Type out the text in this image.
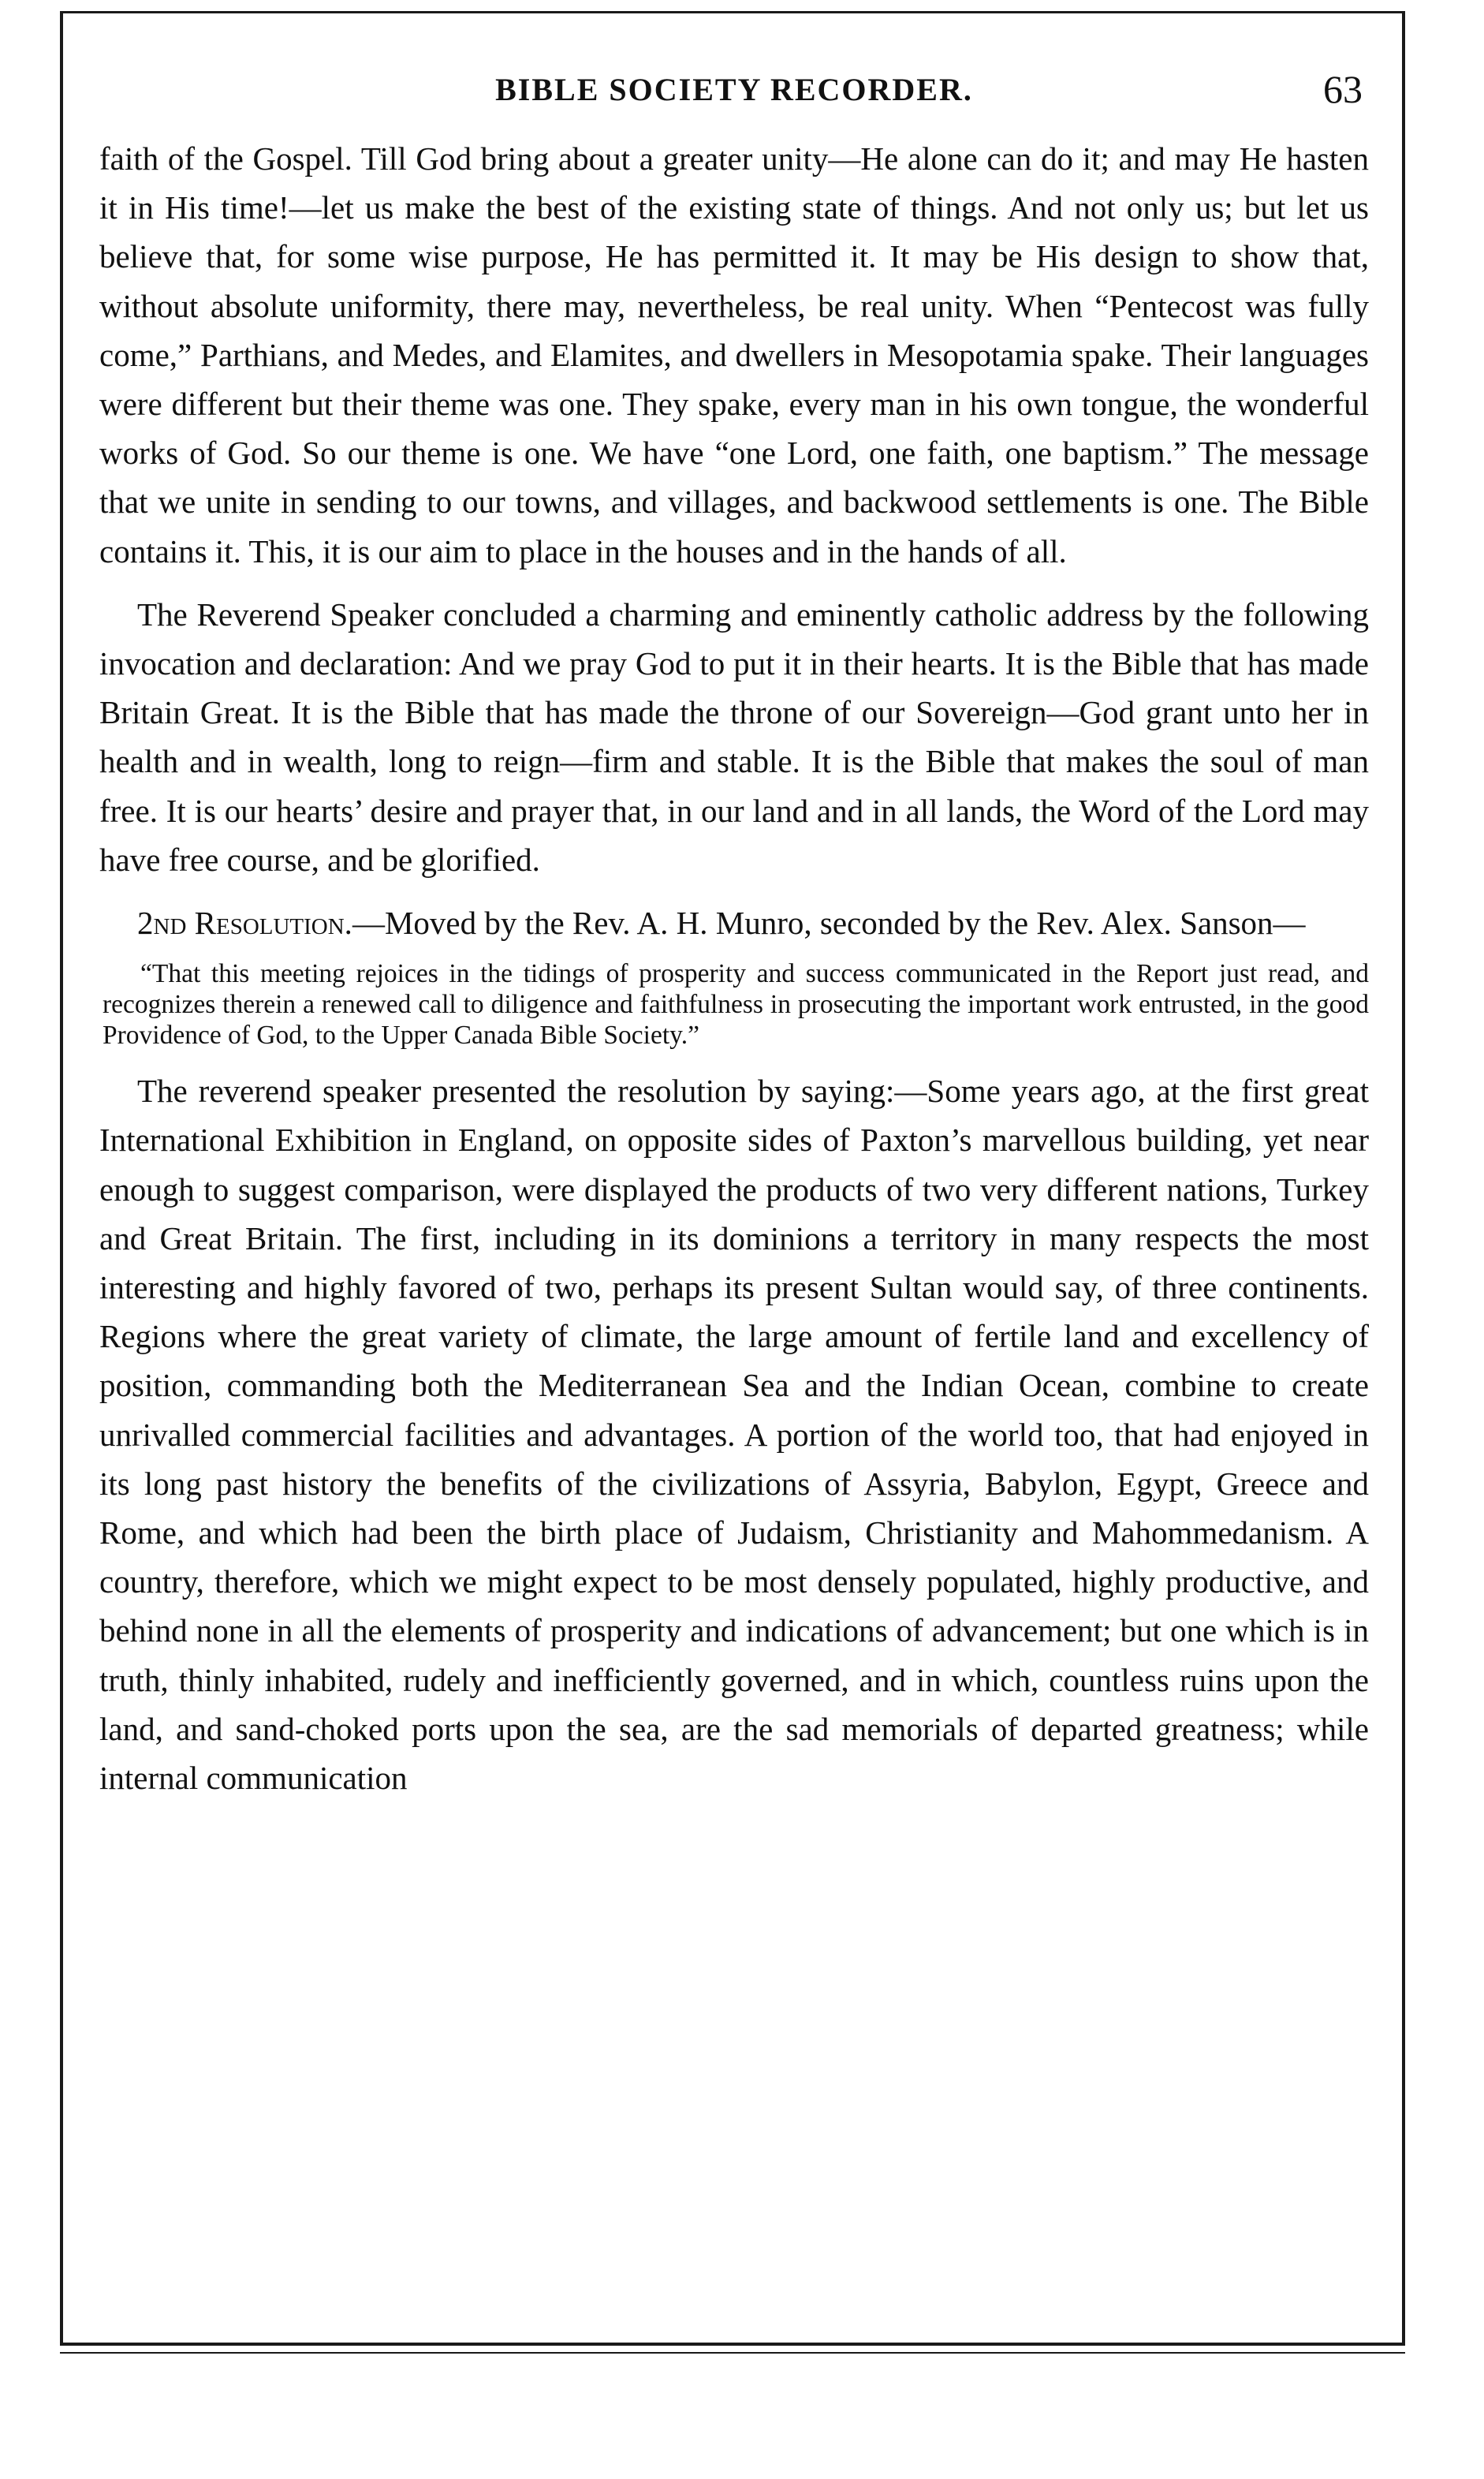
BIBLE SOCIETY RECORDER.	63

faith of the Gospel. Till God bring about a greater unity—He alone can do it; and may He hasten it in His time!—let us make the best of the existing state of things. And not only us; but let us believe that, for some wise purpose, He has permitted it. It may be His design to show that, without absolute uniformity, there may, nevertheless, be real unity. When “Pentecost was fully come,” Parthians, and Medes, and Elamites, and dwellers in Mesopotamia spake. Their languages were different but their theme was one. They spake, every man in his own tongue, the wonderful works of God. So our theme is one. We have “one Lord, one faith, one baptism.” The message that we unite in sending to our towns, and villages, and backwood settlements is one. The Bible contains it. This, it is our aim to place in the houses and in the hands of all.

The Reverend Speaker concluded a charming and eminently catholic address by the following invocation and declaration: And we pray God to put it in their hearts. It is the Bible that has made Britain Great. It is the Bible that has made the throne of our Sovereign—God grant unto her in health and in wealth, long to reign—firm and stable. It is the Bible that makes the soul of man free. It is our hearts’ desire and prayer that, in our land and in all lands, the Word of the Lord may have free course, and be glorified.

2nd Resolution.—Moved by the Rev. A. H. Munro, seconded by the Rev. Alex. Sanson—

“That this meeting rejoices in the tidings of prosperity and success communicated in the Report just read, and recognizes therein a renewed call to diligence and faithfulness in prosecuting the important work entrusted, in the good Providence of God, to the Upper Canada Bible Society.”

The reverend speaker presented the resolution by saying:—Some years ago, at the first great International Exhibition in England, on opposite sides of Paxton’s marvellous building, yet near enough to suggest comparison, were displayed the products of two very different nations, Turkey and Great Britain. The first, including in its dominions a territory in many respects the most interesting and highly favored of two, perhaps its present Sultan would say, of three continents. Regions where the great variety of climate, the large amount of fertile land and excellency of position, commanding both the Mediterranean Sea and the Indian Ocean, combine to create unrivalled commercial facilities and advantages. A portion of the world too, that had enjoyed in its long past history the benefits of the civilizations of Assyria, Babylon, Egypt, Greece and Rome, and which had been the birth place of Judaism, Christianity and Mahommedanism. A country, therefore, which we might expect to be most densely populated, highly productive, and behind none in all the elements of prosperity and indications of advancement; but one which is in truth, thinly inhabited, rudely and inefficiently governed, and in which, countless ruins upon the land, and sand-choked ports upon the sea, are the sad memorials of departed greatness; while internal communication
